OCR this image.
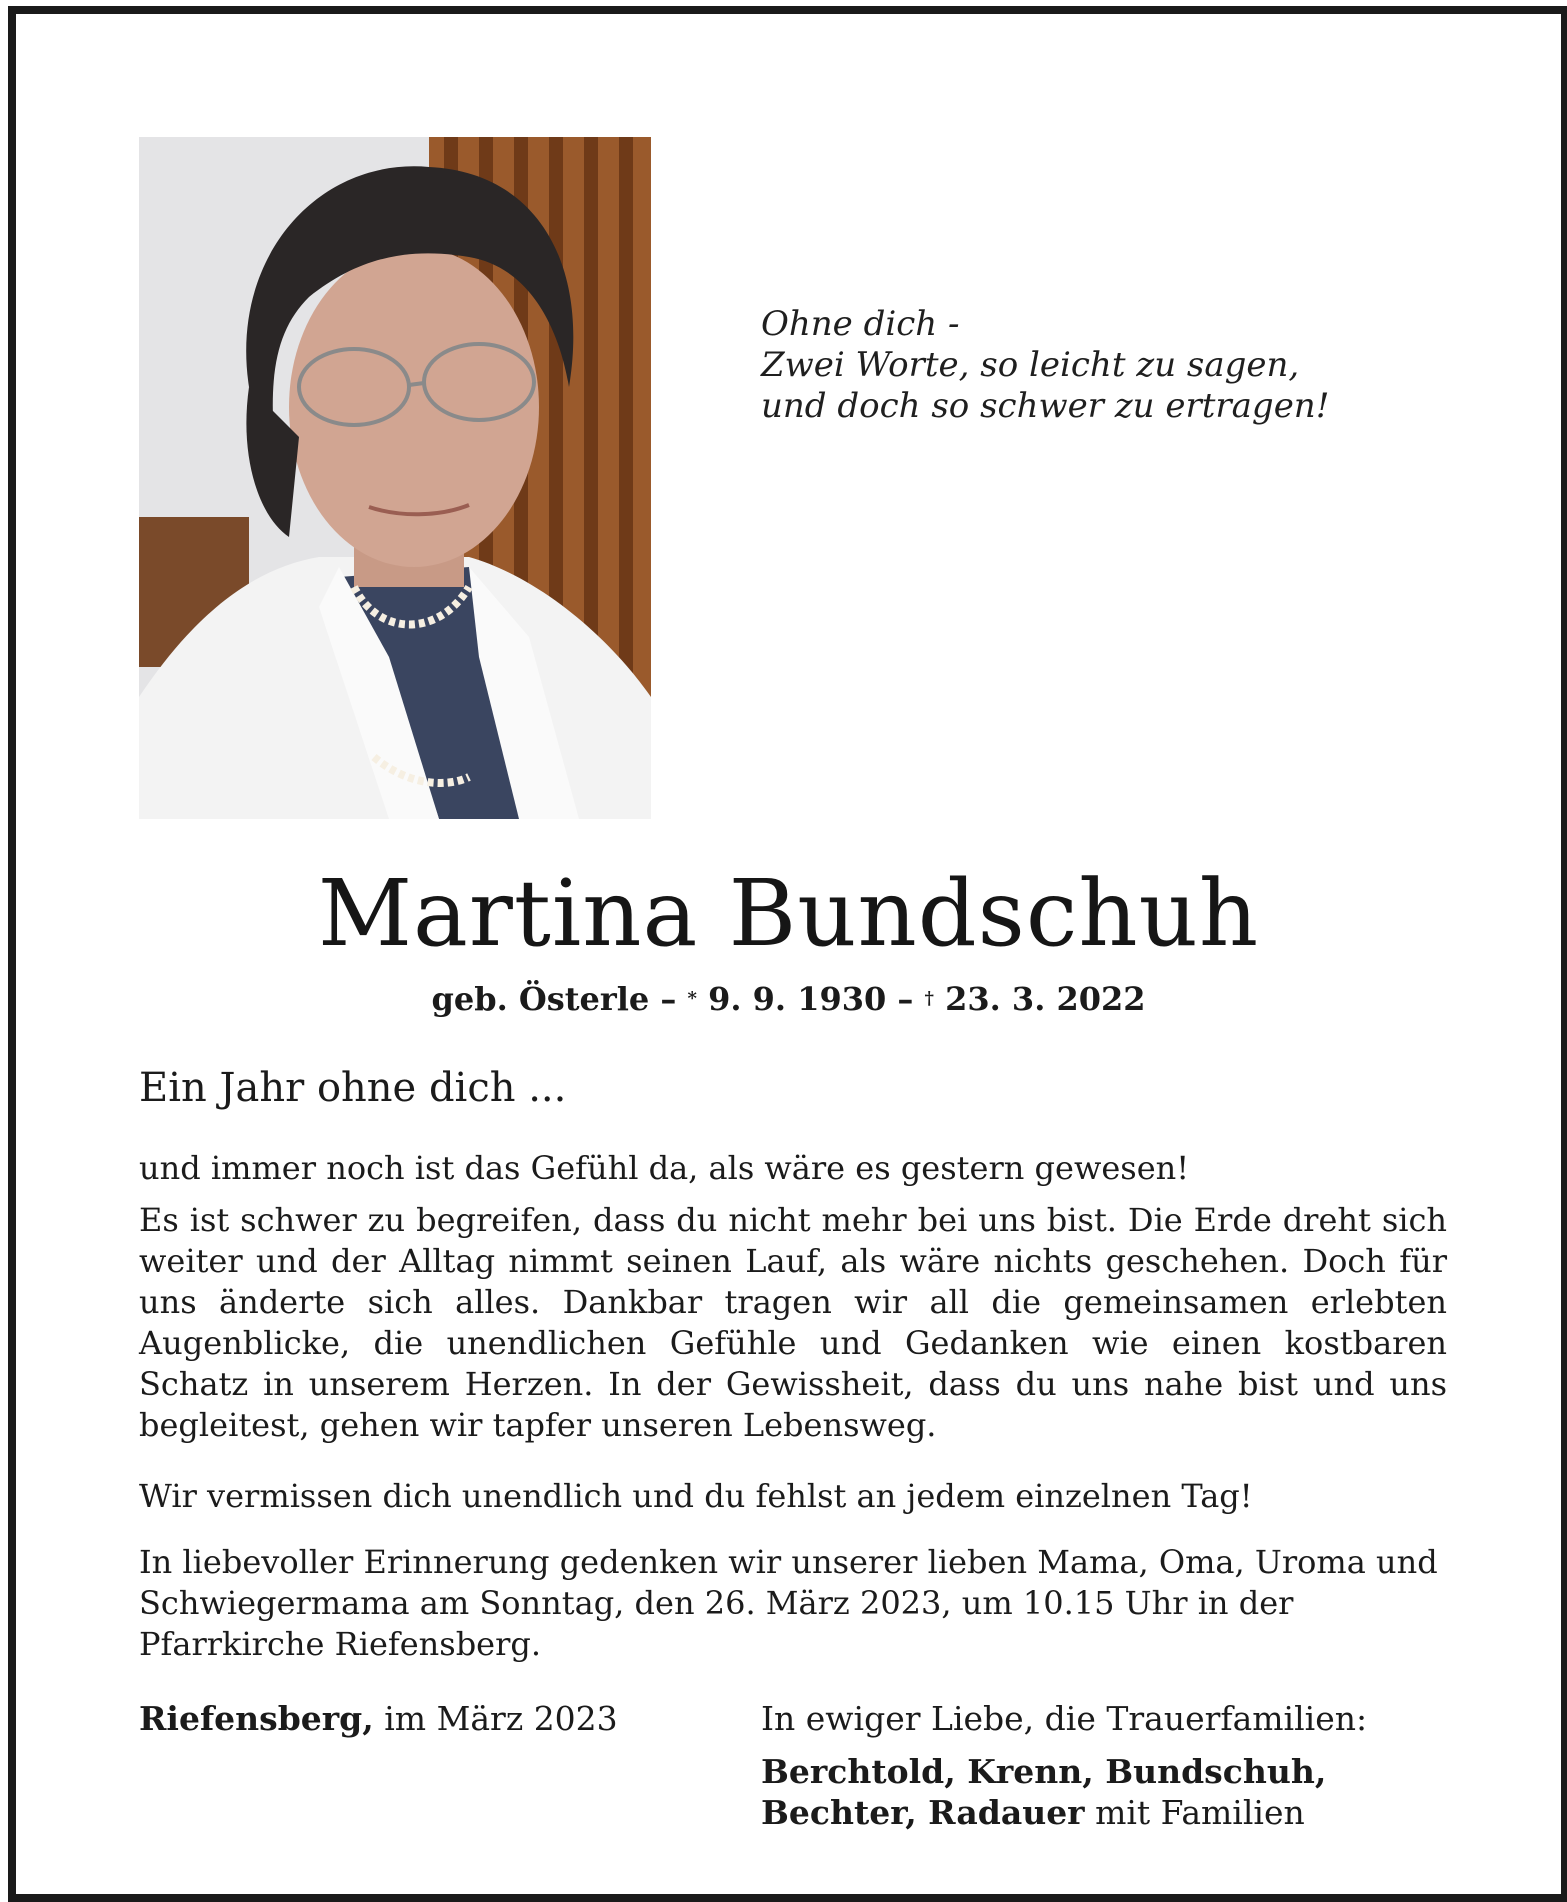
Ohne dich -
Zwei Worte, so leicht zu sagen,
und doch so schwer zu ertragen!
Martina Bundschuh
geb. Österle – * 9. 9. 1930 – † 23. 3. 2022
Ein Jahr ohne dich ...
und immer noch ist das Gefühl da, als wäre es gestern gewesen!
Es ist schwer zu begreifen, dass du nicht mehr bei uns bist. Die Erde dreht sich weiter und der Alltag nimmt seinen Lauf, als wäre nichts geschehen. Doch für uns änderte sich alles. Dankbar tragen wir all die gemeinsamen erlebten Augenblicke, die unendlichen Gefühle und Gedanken wie einen kostbaren Schatz in unserem Herzen. In der Gewissheit, dass du uns nahe bist und uns begleitest, gehen wir tapfer unseren Lebensweg.
Wir vermissen dich unendlich und du fehlst an jedem einzelnen Tag!
In liebevoller Erinnerung gedenken wir unserer lieben Mama, Oma, Uroma und Schwiegermama am Sonntag, den 26. März 2023, um 10.15 Uhr in der Pfarrkirche Riefensberg.
Riefensberg, im März 2023	In ewiger Liebe, die Trauerfamilien:
Berchtold, Krenn, Bundschuh,
Bechter, Radauer mit Familien
